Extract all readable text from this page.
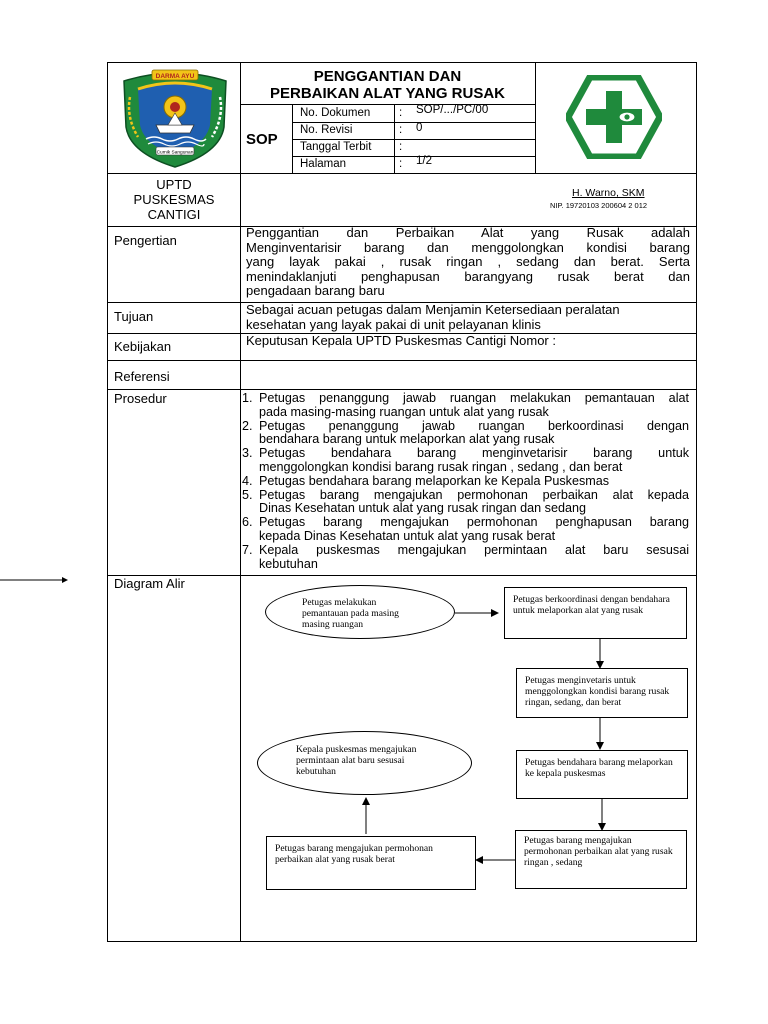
DARMA AYU
Cumik Sangunan
PENGGANTIAN DAN
PERBAIKAN ALAT YANG RUSAK
SOP
No. Dokumen : SOP/.../PC/00
No. Revisi	: 0
Tanggal Terbit :
Halaman	: 1/2
UPTD
PUSKESMAS
CANTIGI
H. Warno, SKM
NIP. 19720103 200604 2 012
Pengertian
Penggantian dan Perbaikan Alat yang Rusak adalah
Menginventarisir barang dan menggolongkan kondisi barang
yang layak pakai , rusak ringan , sedang dan berat. Serta
menindaklanjuti penghapusan barangyang rusak berat dan
pengadaan barang baru
Tujuan	Sebagai acuan petugas dalam Menjamin Ketersediaan peralatan
kesehatan yang layak pakai di unit pelayanan klinis
Kebijakan	Keputusan Kepala UPTD Puskesmas Cantigi Nomor :
Referensi
Prosedur	1. Petugas penanggung jawab ruangan melakukan pemantauan alat
pada masing-masing ruangan untuk alat yang rusak
2. Petugas penanggung jawab ruangan berkoordinasi dengan
bendahara barang untuk melaporkan alat yang rusak
3. Petugas bendahara barang menginvetarisir barang untuk
menggolongkan kondisi barang rusak ringan , sedang , dan berat
4. Petugas bendahara barang melaporkan ke Kepala Puskesmas
5. Petugas barang mengajukan permohonan perbaikan alat kepada
Dinas Kesehatan untuk alat yang rusak ringan dan sedang
6. Petugas barang mengajukan permohonan penghapusan barang
kepada Dinas Kesehatan untuk alat yang rusak berat
7. Kepala puskesmas mengajukan permintaan alat baru sesusai
kebutuhan
Diagram Alir
Petugas melakukan pemantauan pada masing masing ruangan
Petugas berkoordinasi dengan bendahara untuk melaporkan alat yang rusak
Petugas menginvetaris untuk menggolongkan kondisi barang rusak ringan, sedang, dan berat
Petugas bendahara barang melaporkan ke kepala puskesmas
Petugas barang mengajukan permohonan perbaikan alat yang rusak ringan , sedang
Petugas barang mengajukan permohonan perbaikan alat yang rusak berat
Kepala puskesmas mengajukan permintaan alat baru sesusai kebutuhan
